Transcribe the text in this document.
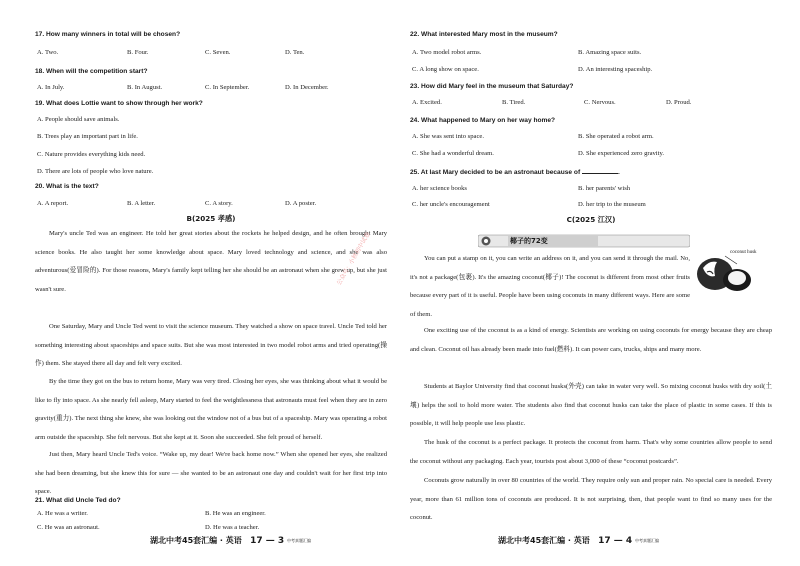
17. How many winners in total will be chosen?
A. Two.	B. Four.	C. Seven.	D. Ten.
18. When will the competition start?
A. In July.	B. In August.	C. In September.	D. In December.
19. What does Lottie want to show through her work?
A. People should save animals.
B. Trees play an important part in life.
C. Nature provides everything kids need.
D. There are lots of people who love nature.
20. What is the text?
A. A report.	B. A letter.	C. A story.	D. A poster.
B(2025 孝感)
Mary's uncle Ted was an engineer. He told her great stories about the rockets he helped design, and he often brought Mary science books. He also taught her some knowledge about space. Mary loved technology and science, and she was also adventurous(爱冒险的). For those reasons, Mary's family kept telling her she should be an astronaut when she grew up, but she just wasn't sure.
One Saturday, Mary and Uncle Ted went to visit the science museum. They watched a show on space travel. Uncle Ted told her something interesting about spaceships and space suits. But she was most interested in two model robot arms and tried operating(操作) them. She stayed there all day and felt very excited.
By the time they got on the bus to return home, Mary was very tired. Closing her eyes, she was thinking about what it would be like to fly into space. As she nearly fell asleep, Mary started to feel the weightlessness that astronauts must feel when they are in zero gravity(重力). The next thing she knew, she was looking out the window not of a bus but of a spaceship. Mary was operating a robot arm outside the spaceship. She felt nervous. But she kept at it. Soon she succeeded. She felt proud of herself.
Just then, Mary heard Uncle Ted's voice. “Wake up, my dear! We're back home now.” When she opened her eyes, she realized she had been dreaming, but she knew this for sure — she wanted to be an astronaut one day and couldn't wait for her first trip into space.
21. What did Uncle Ted do?
A. He was a writer.	B. He was an engineer.
C. He was an astronaut.	D. He was a teacher.
湖北中考45套汇编 · 英语 17 — 3 中考真题汇编
公众号：小秋初中试卷
22. What interested Mary most in the museum?
A. Two model robot arms.	B. Amazing space suits.
C. A long show on space.	D. An interesting spaceship.
23. How did Mary feel in the museum that Saturday?
A. Excited.	B. Tired.	C. Nervous.	D. Proud.
24. What happened to Mary on her way home?
A. She was sent into space.	B. She operated a robot arm.
C. She had a wonderful dream.	D. She experienced zero gravity.
25. At last Mary decided to be an astronaut because of	.
A. her science books	B. her parents' wish
C. her uncle's encouragement	D. her trip to the museum
C(2025 江汉)
椰子的72变
coconut husk
You can put a stamp on it, you can write an address on it, and you can send it through the mail. No, it's not a package(包裹). It's the amazing coconut(椰子)! The coconut is different from most other fruits because every part of it is useful. People have been using coconuts in many different ways. Here are some of them.
One exciting use of the coconut is as a kind of energy. Scientists are working on using coconuts for energy because they are cheap and clean. Coconut oil has already been made into fuel(燃料). It can power cars, trucks, ships and many more.
Students at Baylor University find that coconut husks(外壳) can take in water very well. So mixing coconut husks with dry soil(土壤) helps the soil to hold more water. The students also find that coconut husks can take the place of plastic in some cases. If this is possible, it will help people use less plastic.
The husk of the coconut is a perfect package. It protects the coconut from harm. That's why some countries allow people to send the coconut without any packaging. Each year, tourists post about 3,000 of these “coconut postcards”.
Coconuts grow naturally in over 80 countries of the world. They require only sun and proper rain. No special care is needed. Every year, more than 61 million tons of coconuts are produced. It is not surprising, then, that people want to find so many uses for the coconut.
湖北中考45套汇编 · 英语 17 — 4 中考真题汇编
